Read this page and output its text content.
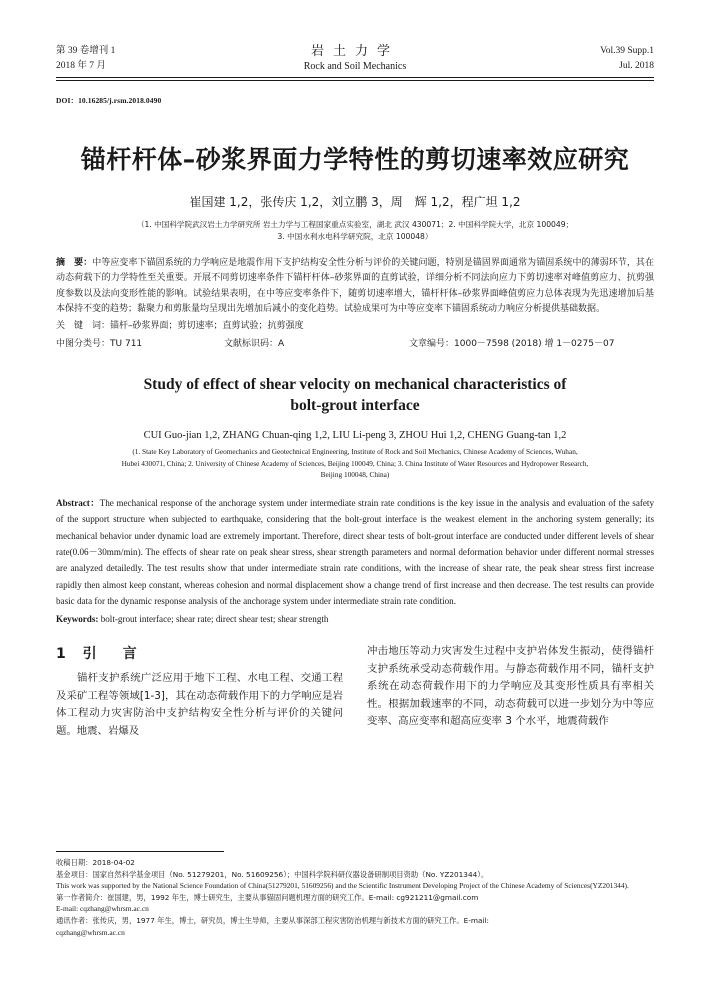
第 39 卷增刊 1
2018 年 7 月
岩土力学
Rock and Soil Mechanics
Vol.39 Supp.1
Jul. 2018
DOI：10.16285/j.rsm.2018.0490
锚杆杆体–砂浆界面力学特性的剪切速率效应研究
崔国建 1,2，张传庆 1,2，刘立鹏 3，周　辉 1,2，程广坦 1,2
（1. 中国科学院武汉岩土力学研究所 岩土力学与工程国家重点实验室，湖北 武汉 430071；2. 中国科学院大学，北京 100049；
3. 中国水利水电科学研究院，北京 100048）
摘　要：中等应变率下锚固系统的力学响应是地震作用下支护结构安全性分析与评价的关键问题，特别是锚固界面通常为锚固系统中的薄弱环节，其在动态荷载下的力学特性至关重要。开展不同剪切速率条件下锚杆杆体–砂浆界面的直剪试验，详细分析不同法向应力下剪切速率对峰值剪应力、抗剪强度参数以及法向变形性能的影响。试验结果表明，在中等应变率条件下，随剪切速率增大，锚杆杆体–砂浆界面峰值剪应力总体表现为先迅速增加后基本保持不变的趋势；黏聚力和剪胀量均呈现出先增加后减小的变化趋势。试验成果可为中等应变率下锚固系统动力响应分析提供基础数据。
关　键　词：锚杆–砂浆界面；剪切速率；直剪试验；抗剪强度
中图分类号：TU 711	文献标识码：A	文章编号：1000－7598 (2018) 增 1－0275－07
Study of effect of shear velocity on mechanical characteristics of
bolt-grout interface
CUI Guo-jian 1,2, ZHANG Chuan-qing 1,2, LIU Li-peng 3, ZHOU Hui 1,2, CHENG Guang-tan 1,2
(1. State Key Laboratory of Geomechanics and Geotechnical Engineering, Institute of Rock and Soil Mechanics, Chinese Academy of Sciences, Wuhan,
Hubei 430071, China; 2. University of Chinese Academy of Sciences, Beijing 100049, China; 3. China Institute of Water Resources and Hydropower Research,
Beijing 100048, China)
Abstract：The mechanical response of the anchorage system under intermediate strain rate conditions is the key issue in the analysis and evaluation of the safety of the support structure when subjected to earthquake, considering that the bolt-grout interface is the weakest element in the anchoring system generally; its mechanical behavior under dynamic load are extremely important. Therefore, direct shear tests of bolt-grout interface are conducted under different levels of shear rate(0.06－30mm/min). The effects of shear rate on peak shear stress, shear strength parameters and normal deformation behavior under different normal stresses are analyzed detailedly. The test results show that under intermediate strain rate conditions, with the increase of shear rate, the peak shear stress first increase rapidly then almost keep constant, whereas cohesion and normal displacement show a change trend of first increase and then decrease. The test results can provide basic data for the dynamic response analysis of the anchorage system under intermediate strain rate condition.
Keywords: bolt-grout interface; shear rate; direct shear test; shear strength
1 引　言
锚杆支护系统广泛应用于地下工程、水电工程、交通工程及采矿工程等领域[1-3]，其在动态荷载作用下的力学响应是岩体工程动力灾害防治中支护结构安全性分析与评价的关键问题。地震、岩爆及
冲击地压等动力灾害发生过程中支护岩体发生振动，使得锚杆支护系统承受动态荷载作用。与静态荷载作用不同，锚杆支护系统在动态荷载作用下的力学响应及其变形性质具有率相关性。根据加载速率的不同，动态荷载可以进一步划分为中等应变率、高应变率和超高应变率 3 个水平，地震荷载作
收稿日期：2018-04-02
基金项目：国家自然科学基金项目（No. 51279201，No. 51609256）；中国科学院科研仪器设备研制项目资助（No. YZ201344）。
This work was supported by the National Science Foundation of China(51279201, 51609256) and the Scientific Instrument Developing Project of the Chinese Academy of Sciences(YZ201344).
第一作者简介：崔国建，男，1992 年生，博士研究生，主要从事锚固问题机理方面的研究工作。E-mail: cg921211@gmail.com
E-mail: cqzhang@whrsm.ac.cn
通讯作者：张传庆，男，1977 年生，博士，研究员，博士生导师，主要从事深部工程灾害防治机理与新技术方面的研究工作。E-mail:
cqzhang@whrsm.ac.cn
